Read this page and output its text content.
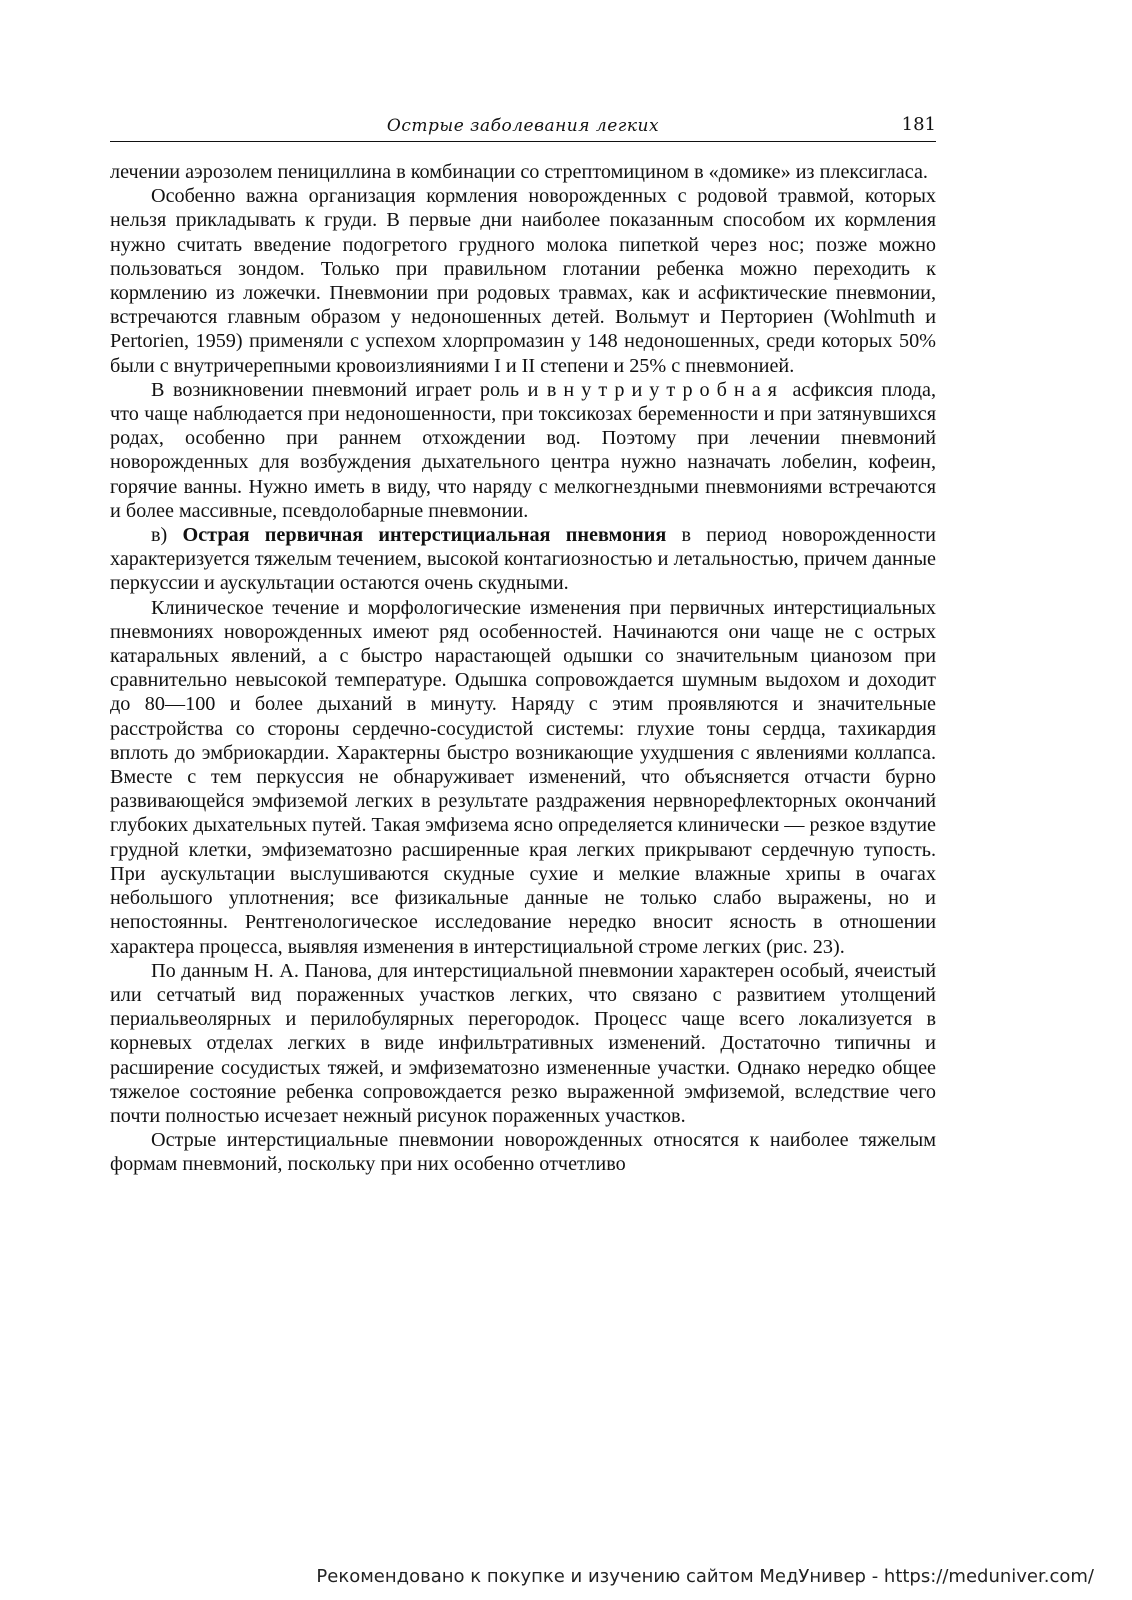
Острые заболевания легких	181

лечении аэрозолем пенициллина в комбинации со стрептомицином в «домике» из плексигласа.

Особенно важна организация кормления новорожденных с родовой травмой, которых нельзя прикладывать к груди. В первые дни наиболее показанным способом их кормления нужно считать введение подогретого грудного молока пипеткой через нос; позже можно пользоваться зондом. Только при правильном глотании ребенка можно переходить к кормлению из ложечки. Пневмонии при родовых травмах, как и асфиктические пневмонии, встречаются главным образом у недоношенных детей. Вольмут и Перториен (Wohlmuth и Pertorien, 1959) применяли с успехом хлорпромазин у 148 недоношенных, среди которых 50% были с внутричерепными кровоизлияниями I и II степени и 25% с пневмонией.

В возникновении пневмоний играет роль и внутриутробная асфиксия плода, что чаще наблюдается при недоношенности, при токсикозах беременности и при затянувшихся родах, особенно при раннем отхождении вод. Поэтому при лечении пневмоний новорожденных для возбуждения дыхательного центра нужно назначать лобелин, кофеин, горячие ванны. Нужно иметь в виду, что наряду с мелкогнездными пневмониями встречаются и более массивные, псевдолобарные пневмонии.

в) Острая первичная интерстициальная пневмония в период новорожденности характеризуется тяжелым течением, высокой контагиозностью и летальностью, причем данные перкуссии и аускультации остаются очень скудными.

Клиническое течение и морфологические изменения при первичных интерстициальных пневмониях новорожденных имеют ряд особенностей. Начинаются они чаще не с острых катаральных явлений, а с быстро нарастающей одышки со значительным цианозом при сравнительно невысокой температуре. Одышка сопровождается шумным выдохом и доходит до 80—100 и более дыханий в минуту. Наряду с этим проявляются и значительные расстройства со стороны сердечно-сосудистой системы: глухие тоны сердца, тахикардия вплоть до эмбриокардии. Характерны быстро возникающие ухудшения с явлениями коллапса. Вместе с тем перкуссия не обнаруживает изменений, что объясняется отчасти бурно развивающейся эмфиземой легких в результате раздражения нервнорефлекторных окончаний глубоких дыхательных путей. Такая эмфизема ясно определяется клинически — резкое вздутие грудной клетки, эмфизематозно расширенные края легких прикрывают сердечную тупость. При аускультации выслушиваются скудные сухие и мелкие влажные хрипы в очагах небольшого уплотнения; все физикальные данные не только слабо выражены, но и непостоянны. Рентгенологическое исследование нередко вносит ясность в отношении характера процесса, выявляя изменения в интерстициальной строме легких (рис. 23).

По данным Н. А. Панова, для интерстициальной пневмонии характерен особый, ячеистый или сетчатый вид пораженных участков легких, что связано с развитием утолщений периальвеолярных и перилобулярных перегородок. Процесс чаще всего локализуется в корневых отделах легких в виде инфильтративных изменений. Достаточно типичны и расширение сосудистых тяжей, и эмфизематозно измененные участки. Однако нередко общее тяжелое состояние ребенка сопровождается резко выраженной эмфиземой, вследствие чего почти полностью исчезает нежный рисунок пораженных участков.

Острые интерстициальные пневмонии новорожденных относятся к наиболее тяжелым формам пневмоний, поскольку при них особенно отчетливо

Рекомендовано к покупке и изучению сайтом МедУнивер - https://meduniver.com/
